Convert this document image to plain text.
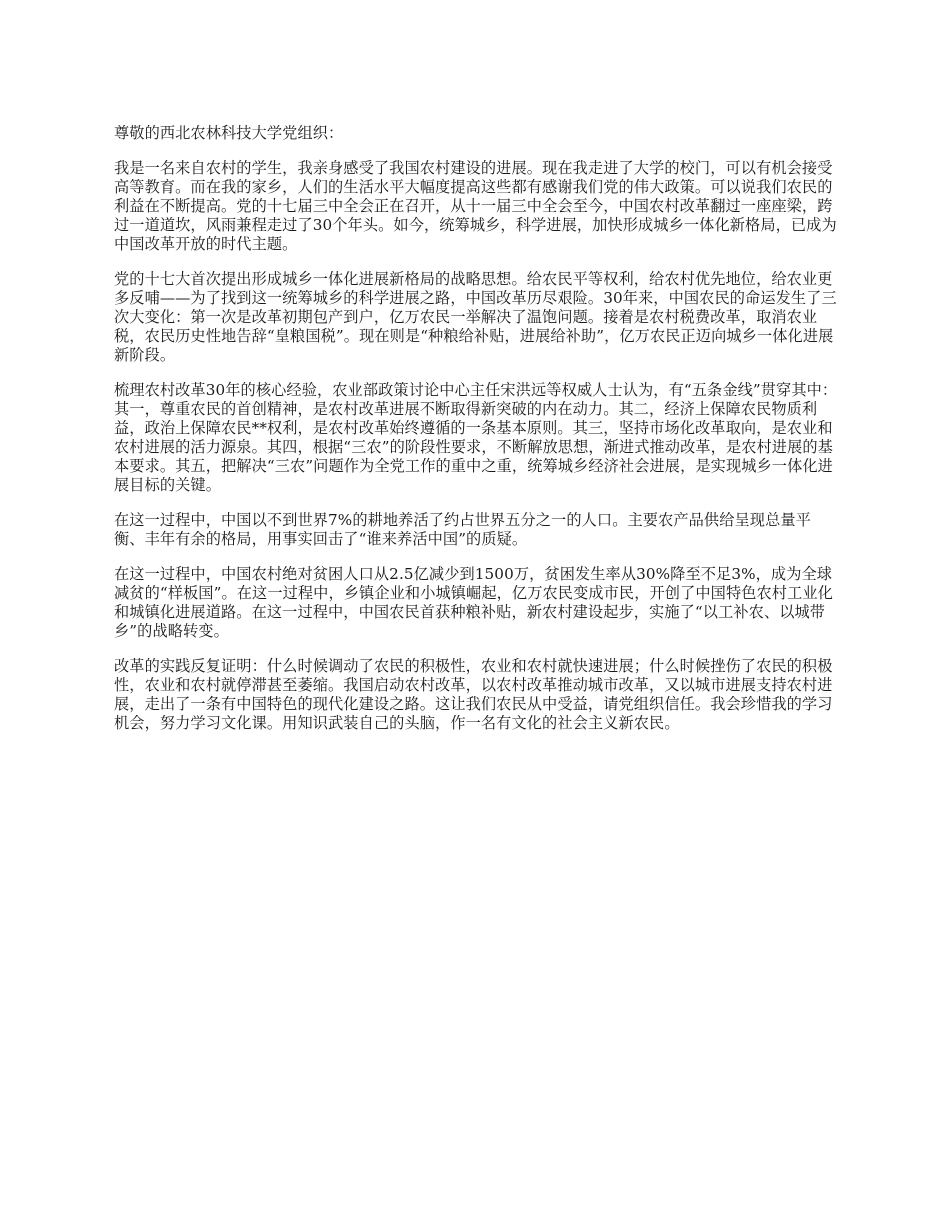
尊敬的西北农林科技大学党组织：

我是一名来自农村的学生，我亲身感受了我国农村建设的进展。现在我走进了大学的校门，可以有机会接受高等教育。而在我的家乡，人们的生活水平大幅度提高这些都有感谢我们党的伟大政策。可以说我们农民的利益在不断提高。党的十七届三中全会正在召开，从十一届三中全会至今，中国农村改革翻过一座座梁，跨过一道道坎，风雨兼程走过了30个年头。如今，统筹城乡，科学进展，加快形成城乡一体化新格局，已成为中国改革开放的时代主题。

党的十七大首次提出形成城乡一体化进展新格局的战略思想。给农民平等权利，给农村优先地位，给农业更多反哺——为了找到这一统筹城乡的科学进展之路，中国改革历尽艰险。30年来，中国农民的命运发生了三次大变化：第一次是改革初期包产到户，亿万农民一举解决了温饱问题。接着是农村税费改革，取消农业税，农民历史性地告辞“皇粮国税”。现在则是“种粮给补贴，进展给补助”，亿万农民正迈向城乡一体化进展新阶段。

梳理农村改革30年的核心经验，农业部政策讨论中心主任宋洪远等权威人士认为，有“五条金线”贯穿其中：其一，尊重农民的首创精神，是农村改革进展不断取得新突破的内在动力。其二，经济上保障农民物质利益，政治上保障农民**权利，是农村改革始终遵循的一条基本原则。其三，坚持市场化改革取向，是农业和农村进展的活力源泉。其四，根据“三农”的阶段性要求，不断解放思想，渐进式推动改革，是农村进展的基本要求。其五，把解决“三农”问题作为全党工作的重中之重，统筹城乡经济社会进展，是实现城乡一体化进展目标的关键。

在这一过程中，中国以不到世界7%的耕地养活了约占世界五分之一的人口。主要农产品供给呈现总量平衡、丰年有余的格局，用事实回击了“谁来养活中国”的质疑。

在这一过程中，中国农村绝对贫困人口从2.5亿减少到1500万，贫困发生率从30%降至不足3%，成为全球减贫的“样板国”。在这一过程中，乡镇企业和小城镇崛起，亿万农民变成市民，开创了中国特色农村工业化和城镇化进展道路。在这一过程中，中国农民首获种粮补贴，新农村建设起步，实施了“以工补农、以城带乡”的战略转变。

改革的实践反复证明：什么时候调动了农民的积极性，农业和农村就快速进展；什么时候挫伤了农民的积极性，农业和农村就停滞甚至萎缩。我国启动农村改革，以农村改革推动城市改革，又以城市进展支持农村进展，走出了一条有中国特色的现代化建设之路。这让我们农民从中受益，请党组织信任。我会珍惜我的学习机会，努力学习文化课。用知识武装自己的头脑，作一名有文化的社会主义新农民。
